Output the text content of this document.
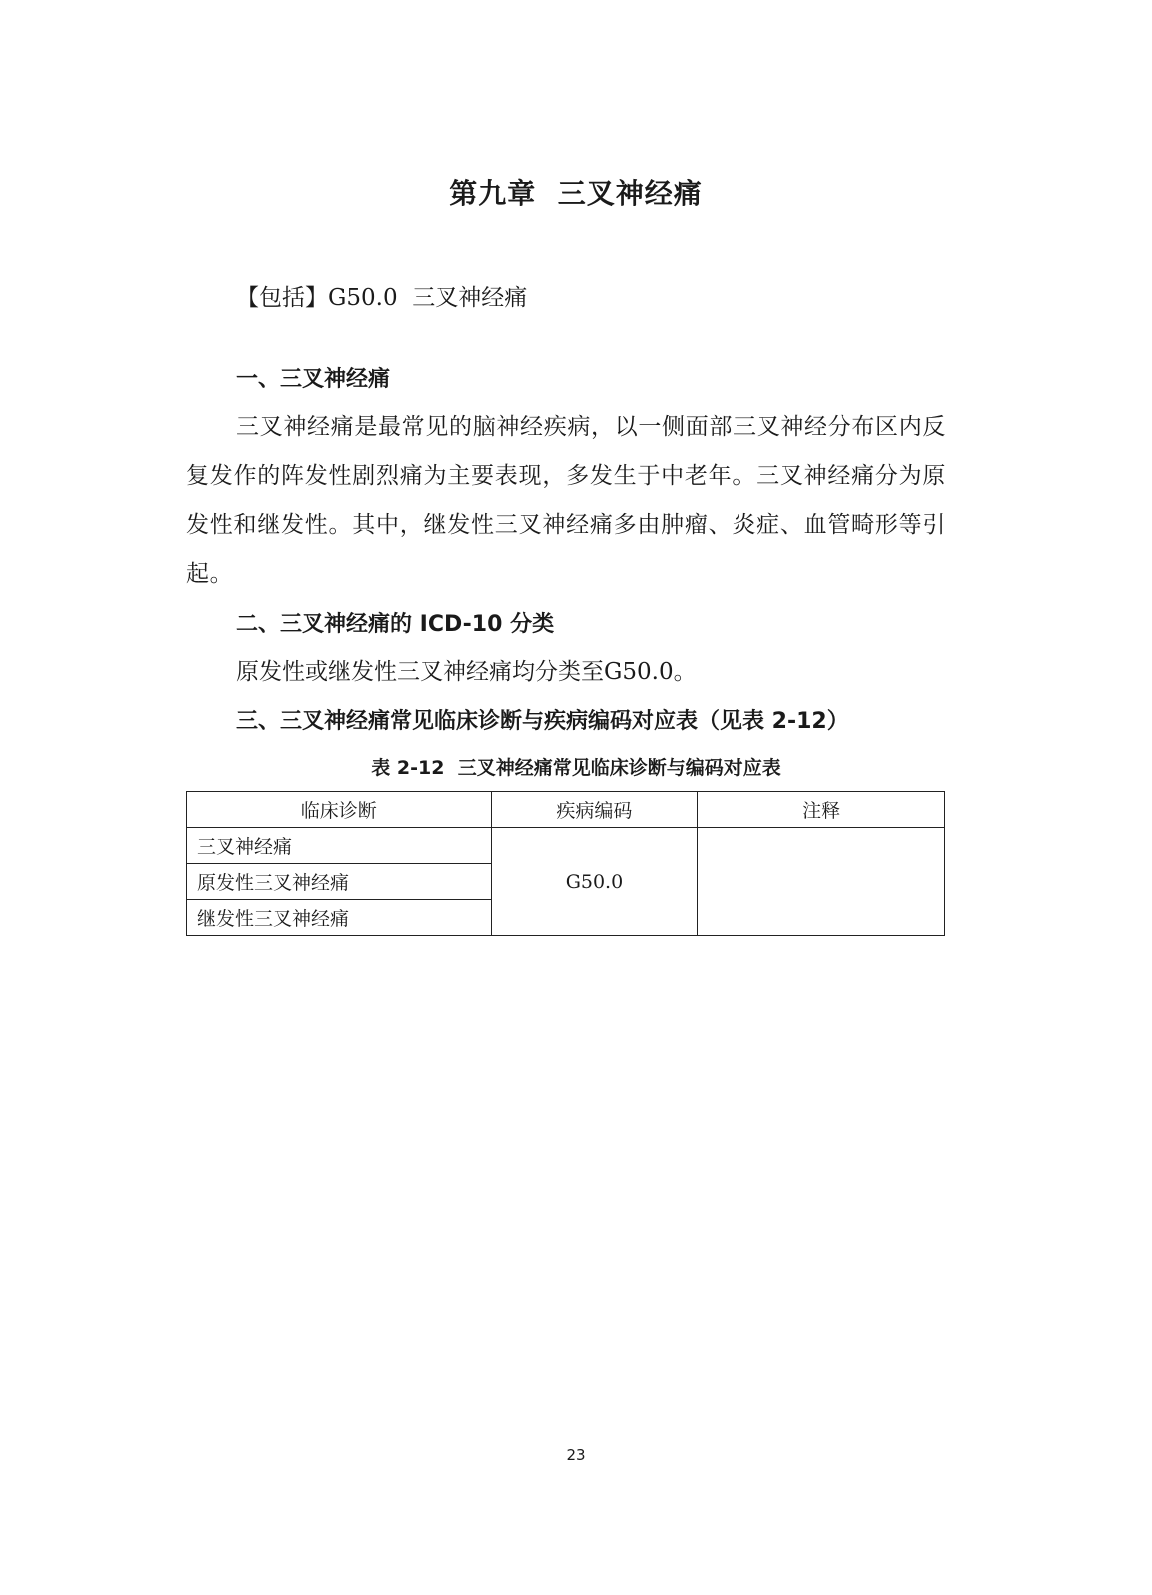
第九章  三叉神经痛
【包括】G50.0  三叉神经痛
一、三叉神经痛
三叉神经痛是最常见的脑神经疾病，以一侧面部三叉神经分布区内反复发作的阵发性剧烈痛为主要表现，多发生于中老年。三叉神经痛分为原发性和继发性。其中，继发性三叉神经痛多由肿瘤、炎症、血管畸形等引起。
二、三叉神经痛的 ICD-10 分类
原发性或继发性三叉神经痛均分类至G50.0。
三、三叉神经痛常见临床诊断与疾病编码对应表（见表 2-12）
表 2-12  三叉神经痛常见临床诊断与编码对应表
临床诊断	疾病编码	注释
三叉神经痛	G50.0	
原发性三叉神经痛		
继发性三叉神经痛		
23
